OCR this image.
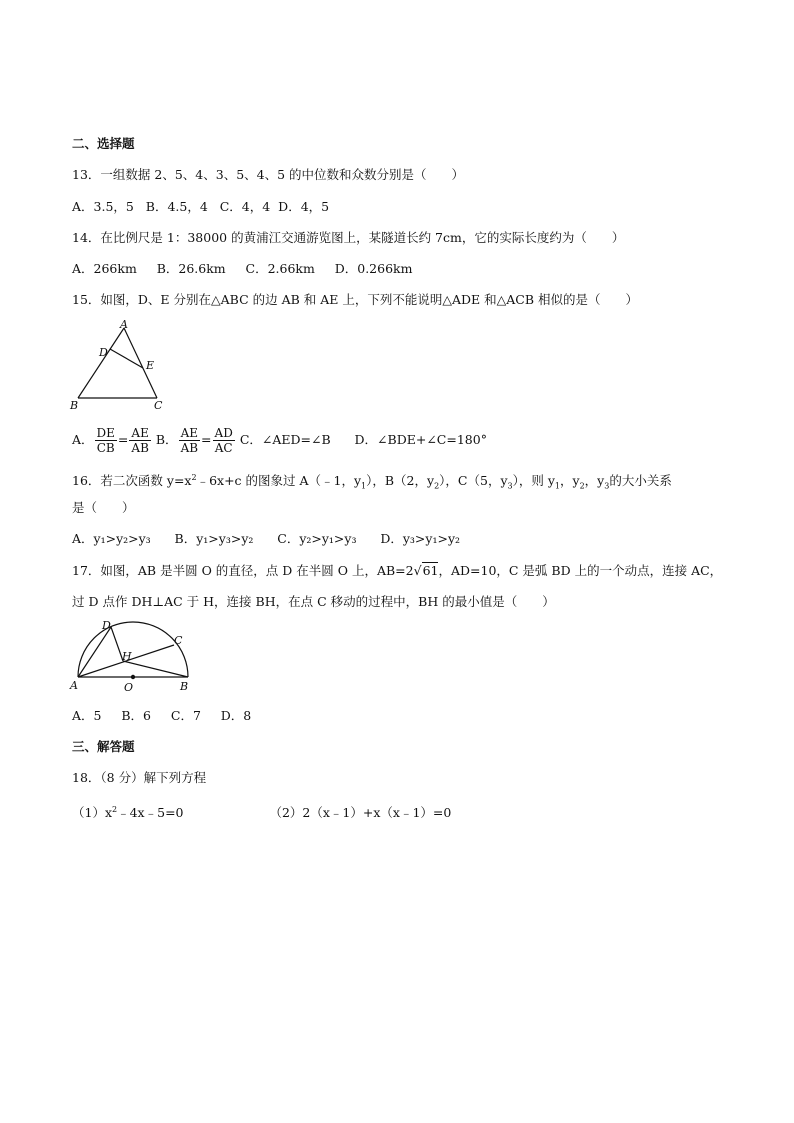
二、选择题
13．一组数据 2、5、4、3、5、4、5 的中位数和众数分别是（　　）
A．3.5，5 B．4.5，4 C．4，4 D．4，5
14．在比例尺是 1：38000 的黄浦江交通游览图上，某隧道长约 7cm，它的实际长度约为（　　）
A．266km B．26.6km C．2.66km D．0.266km
15．如图，D、E 分别在△ABC 的边 AB 和 AE 上，下列不能说明△ADE 和△ACB 相似的是（　　）
A
D
E
B	C
A． $\frac{DE}{CB} = \frac{AE}{AB}$ B． $\frac{AE}{AB} = \frac{AD}{AC}$ C．∠AED=∠B D．∠BDE+∠C=180°
16．若二次函数 $y=x^2﹣6x+c$ 的图象过 A（﹣1，$y_1$），B（2，$y_2$），C（5，$y_3$），则 $y_1$，$y_2$，$y_3$的大小关系
是（　　）
A．y₁>y₂>y₃ B．y₁>y₃>y₂ C．y₂>y₁>y₃ D．y₃>y₁>y₂
17．如图，AB 是半圆 O 的直径，点 D 在半圆 O 上，AB=2√61，AD=10，C 是弧 BD 上的一个动点，连接 AC，
过 D 点作 DH⊥AC 于 H，连接 BH，在点 C 移动的过程中，BH 的最小值是（　　）
D
C
H
A	O	B
A．5 B．6 C．7 D．8
三、解答题
18．（8 分）解下列方程
$(1)x^2﹣4x﹣5=0$	（2）2（x﹣1）+x（x﹣1）=0
